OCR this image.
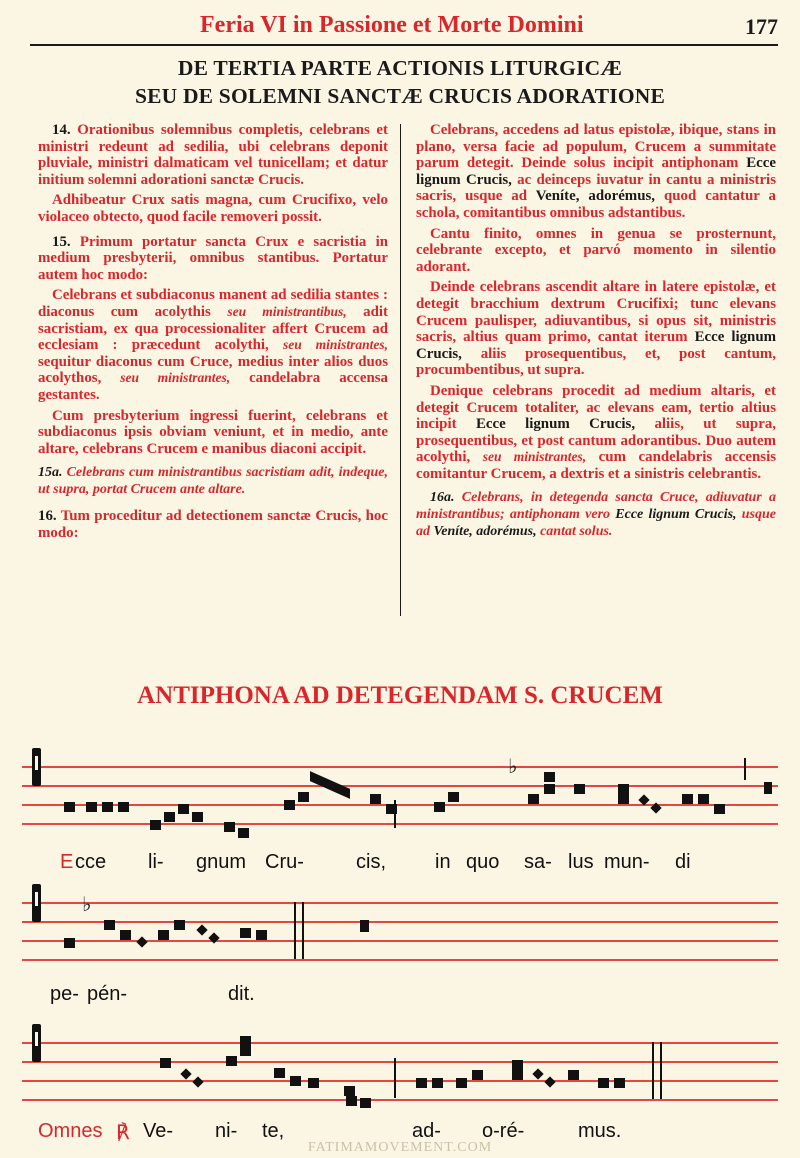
Feria VI in Passione et Morte Domini	177
DE TERTIA PARTE ACTIONIS LITURGICÆ
SEU DE SOLEMNI SANCTÆ CRUCIS ADORATIONE

14. Orationibus solemnibus completis, celebrans et ministri redeunt ad sedilia, ubi celebrans deponit pluviale, ministri dalmaticam vel tunicellam; et datur initium solemni adorationi sanctæ Crucis.

Adhibeatur Crux satis magna, cum Crucifixo, velo violaceo obtecto, quod facile removeri possit.

15. Primum portatur sancta Crux e sacristia in medium presbyterii, omnibus stantibus. Portatur autem hoc modo:

Celebrans et subdiaconus manent ad sedilia stantes : diaconus cum acolythis seu ministrantibus, adit sacristiam, ex qua processionaliter affert Crucem ad ecclesiam : præcedunt acolythi, seu ministrantes, sequitur diaconus cum Cruce, medius inter alios duos acolythos, seu ministrantes, candelabra accensa gestantes.

Cum presbyterium ingressi fuerint, celebrans et subdiaconus ipsis obviam veniunt, et in medio, ante altare, celebrans Crucem e manibus diaconi accipit.

15a. Celebrans cum ministrantibus sacristiam adit, indeque, ut supra, portat Crucem ante altare.

16. Tum proceditur ad detectionem sanctæ Crucis, hoc modo:

Celebrans, accedens ad latus epistolæ, ibique, stans in plano, versa facie ad populum, Crucem a summitate parum detegit. Deinde solus incipit antiphonam Ecce lignum Crucis, ac deinceps iuvatur in cantu a ministris sacris, usque ad Veníte, adorémus, quod cantatur a schola, comitantibus omnibus adstantibus.

Cantu finito, omnes in genua se prosternunt, celebrante excepto, et parvó momento in silentio adorant.

Deinde celebrans ascendit altare in latere epistolæ, et detegit bracchium dextrum Crucifixi; tunc elevans Crucem paulisper, adiuvantibus, si opus sit, ministris sacris, altius quam primo, cantat iterum Ecce lignum Crucis, aliis prosequentibus, et, post cantum, procumbentibus, ut supra.

Denique celebrans procedit ad medium altaris, et detegit Crucem totaliter, ac elevans eam, tertio altius incipit Ecce lignum Crucis, aliis, ut supra, prosequentibus, et post cantum adorantibus. Duo autem acolythi, seu ministrantes, cum candelabris accensis comitantur Crucem, a dextris et a sinistris celebrantis.

16a. Celebrans, in detegenda sancta Cruce, adiuvatur a ministrantibus; antiphonam vero Ecce lignum Crucis, usque ad Veníte, adorémus, cantat solus.

ANTIPHONA AD DETEGENDAM S. CRUCEM
♭
E cce li- gnum Cru-	cis, in quo sa- lus mun- di
♭
pe- pén-	dit.
Omnes ℟ Ve- ni- te,	ad- o-ré-	mus.
FATIMAMOVEMENT.COM
